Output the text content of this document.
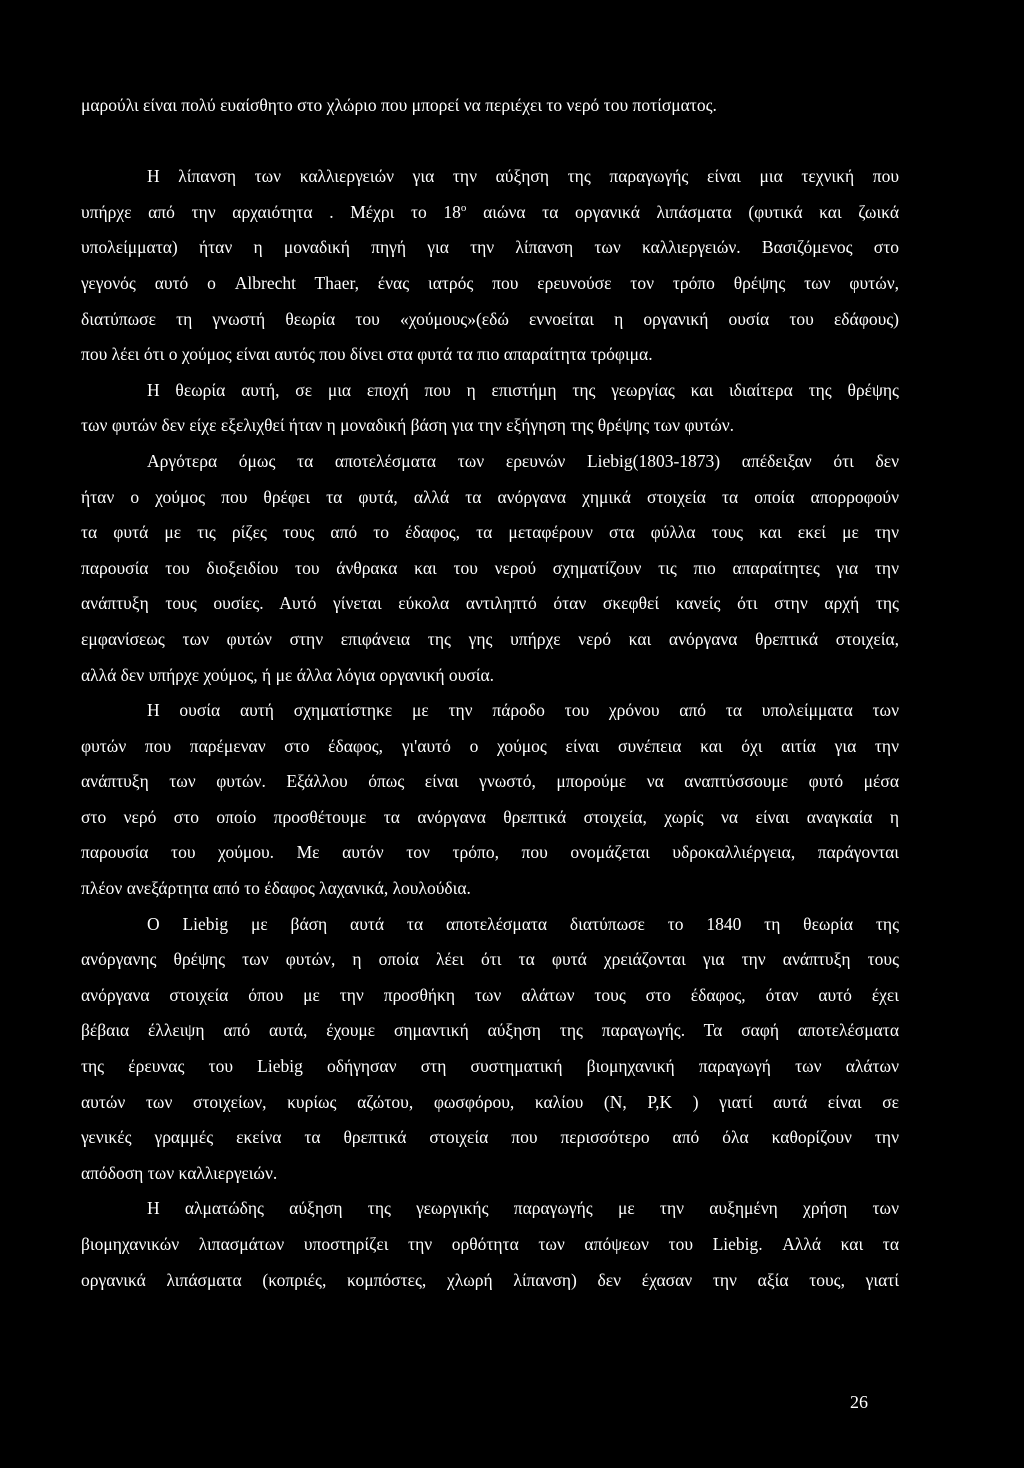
μαρούλι είναι πολύ ευαίσθητο στο χλώριο που μπορεί να περιέχει το νερό του ποτίσματος.
Η λίπανση των καλλιεργειών για την αύξηση της παραγωγής είναι μια τεχνική που
υπήρχε από την αρχαιότητα . Μέχρι το $18^o$ αιώνα τα οργανικά λιπάσματα (φυτικά και ζωικά
υπολείμματα) ήταν η μοναδική πηγή για την λίπανση των καλλιεργειών. Βασιζόμενος στο
γεγονός αυτό ο Albrecht Thaer, ένας ιατρός που ερευνούσε τον τρόπο θρέψης των φυτών,
διατύπωσε τη γνωστή θεωρία του «χούμους»(εδώ εννοείται η οργανική ουσία του εδάφους)
που λέει ότι ο χούμος είναι αυτός που δίνει στα φυτά τα πιο απαραίτητα τρόφιμα.
Η θεωρία αυτή, σε μια εποχή που η επιστήμη της γεωργίας και ιδιαίτερα της θρέψης
των φυτών δεν είχε εξελιχθεί ήταν η μοναδική βάση για την εξήγηση της θρέψης των φυτών.
Αργότερα όμως τα αποτελέσματα των ερευνών Liebig(1803-1873) απέδειξαν ότι δεν
ήταν ο χούμος που θρέφει τα φυτά, αλλά τα ανόργανα χημικά στοιχεία τα οποία απορροφούν
τα φυτά με τις ρίζες τους από το έδαφος, τα μεταφέρουν στα φύλλα τους και εκεί με την
παρουσία του διοξειδίου του άνθρακα και του νερού σχηματίζουν τις πιο απαραίτητες για την
ανάπτυξη τους ουσίες. Αυτό γίνεται εύκολα αντιληπτό όταν σκεφθεί κανείς ότι στην αρχή της
εμφανίσεως των φυτών στην επιφάνεια της γης υπήρχε νερό και ανόργανα θρεπτικά στοιχεία,
αλλά δεν υπήρχε χούμος, ή με άλλα λόγια οργανική ουσία.
Η ουσία αυτή σχηματίστηκε με την πάροδο του χρόνου από τα υπολείμματα των
φυτών που παρέμεναν στο έδαφος, γι'αυτό ο χούμος είναι συνέπεια και όχι αιτία για την
ανάπτυξη των φυτών. Εξάλλου όπως είναι γνωστό, μπορούμε να αναπτύσσουμε φυτό μέσα
στο νερό στο οποίο προσθέτουμε τα ανόργανα θρεπτικά στοιχεία, χωρίς να είναι αναγκαία η
παρουσία του χούμου. Με αυτόν τον τρόπο, που ονομάζεται υδροκαλλιέργεια, παράγονται
πλέον ανεξάρτητα από το έδαφος λαχανικά, λουλούδια.
Ο Liebig με βάση αυτά τα αποτελέσματα διατύπωσε το 1840 τη θεωρία της
ανόργανης θρέψης των φυτών, η οποία λέει ότι τα φυτά χρειάζονται για την ανάπτυξη τους
ανόργανα στοιχεία όπου με την προσθήκη των αλάτων τους στο έδαφος, όταν αυτό έχει
βέβαια έλλειψη από αυτά, έχουμε σημαντική αύξηση της παραγωγής. Τα σαφή αποτελέσματα
της έρευνας του Liebig οδήγησαν στη συστηματική βιομηχανική παραγωγή των αλάτων
αυτών των στοιχείων, κυρίως αζώτου, φωσφόρου, καλίου (Ν, Ρ,Κ ) γιατί αυτά είναι σε
γενικές γραμμές εκείνα τα θρεπτικά στοιχεία που περισσότερο από όλα καθορίζουν την
απόδοση των καλλιεργειών.
Η αλματώδης αύξηση της γεωργικής παραγωγής με την αυξημένη χρήση των
βιομηχανικών λιπασμάτων υποστηρίζει την ορθότητα των απόψεων του Liebig. Αλλά και τα
οργανικά λιπάσματα (κοπριές, κομπόστες, χλωρή λίπανση) δεν έχασαν την αξία τους, γιατί
26
